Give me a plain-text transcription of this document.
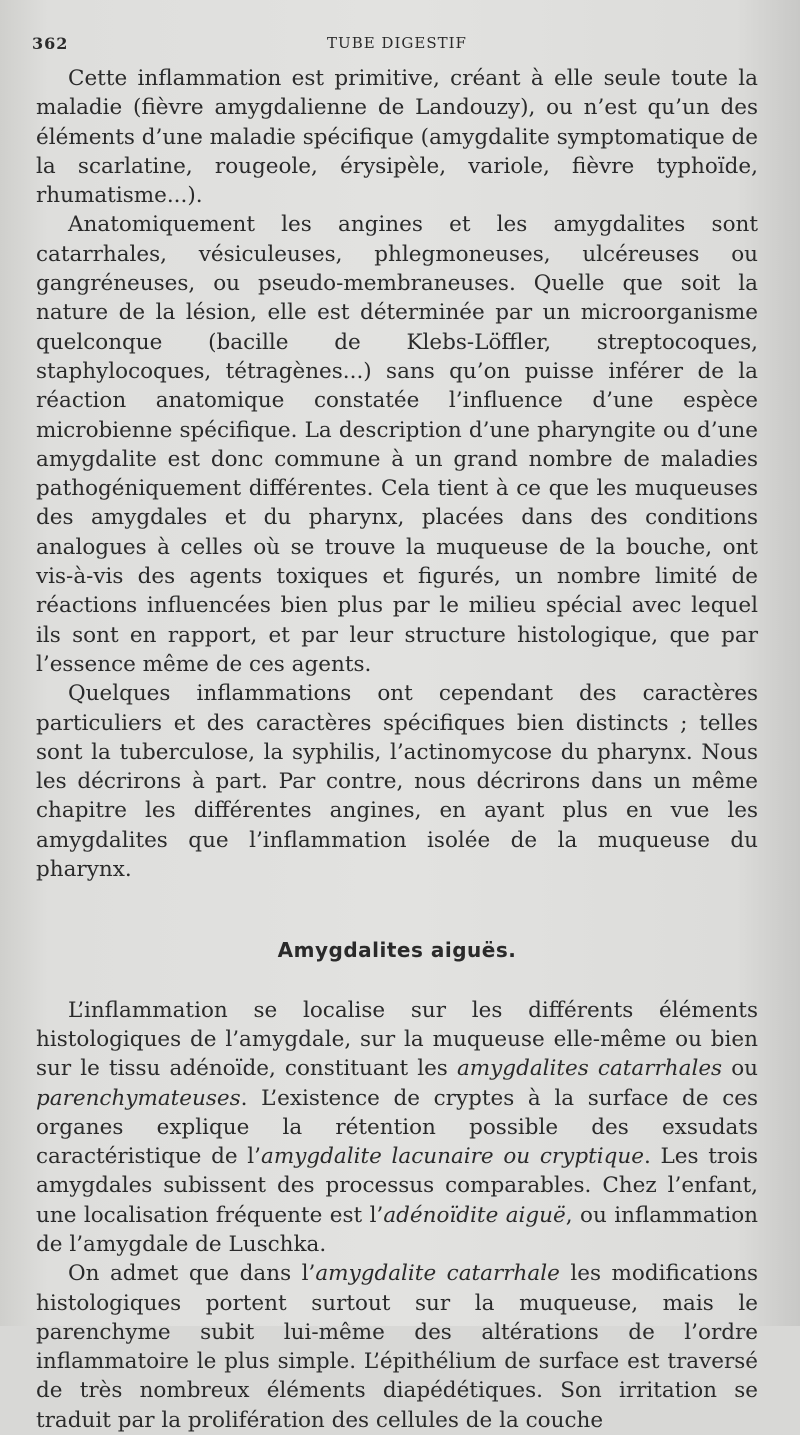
362	TUBE DIGESTIF

Cette inflammation est primitive, créant à elle seule toute la maladie (fièvre amygdalienne de Landouzy), ou n’est qu’un des éléments d’une maladie spécifique (amygdalite symptomatique de la scarlatine, rougeole, érysipèle, variole, fièvre typhoïde, rhumatisme...).

Anatomiquement les angines et les amygdalites sont catarrhales, vésiculeuses, phlegmoneuses, ulcéreuses ou gangréneuses, ou pseudo-membraneuses. Quelle que soit la nature de la lésion, elle est déterminée par un microorganisme quelconque (bacille de Klebs-Löffler, streptocoques, staphylocoques, tétragènes...) sans qu’on puisse inférer de la réaction anatomique constatée l’influence d’une espèce microbienne spécifique. La description d’une pharyngite ou d’une amygdalite est donc commune à un grand nombre de maladies pathogéniquement différentes. Cela tient à ce que les muqueuses des amygdales et du pharynx, placées dans des conditions analogues à celles où se trouve la muqueuse de la bouche, ont vis-à-vis des agents toxiques et figurés, un nombre limité de réactions influencées bien plus par le milieu spécial avec lequel ils sont en rapport, et par leur structure histologique, que par l’essence même de ces agents.

Quelques inflammations ont cependant des caractères particuliers et des caractères spécifiques bien distincts ; telles sont la tuberculose, la syphilis, l’actinomycose du pharynx. Nous les décrirons à part. Par contre, nous décrirons dans un même chapitre les différentes angines, en ayant plus en vue les amygdalites que l’inflammation isolée de la muqueuse du pharynx.

Amygdalites aiguës.

L’inflammation se localise sur les différents éléments histologiques de l’amygdale, sur la muqueuse elle-même ou bien sur le tissu adénoïde, constituant les amygdalites catarrhales ou parenchymateuses. L’existence de cryptes à la surface de ces organes explique la rétention possible des exsudats caractéristique de l’amygdalite lacunaire ou cryptique. Les trois amygdales subissent des processus comparables. Chez l’enfant, une localisation fréquente est l’adénoïdite aiguë, ou inflammation de l’amygdale de Luschka.

On admet que dans l’amygdalite catarrhale les modifications histologiques portent surtout sur la muqueuse, mais le parenchyme subit lui-même des altérations de l’ordre inflammatoire le plus simple. L’épithélium de surface est traversé de très nombreux éléments diapédétiques. Son irritation se traduit par la prolifération des cellules de la couche
